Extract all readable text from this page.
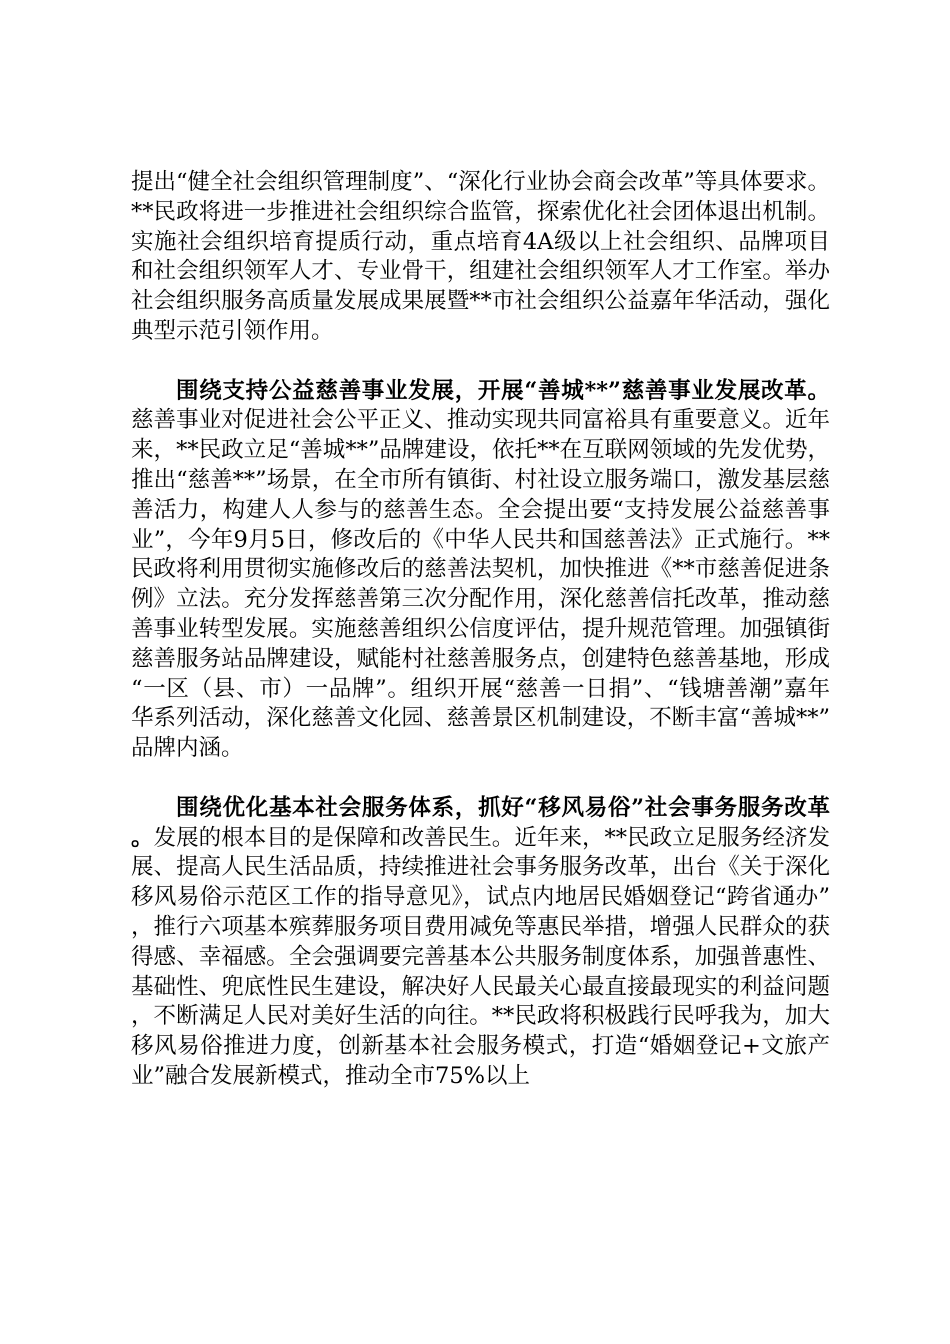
提出“健全社会组织管理制度”、“深化行业协会商会改革”等具体要求。**民政将进一步推进社会组织综合监管，探索优化社会团体退出机制。实施社会组织培育提质行动，重点培育4A级以上社会组织、品牌项目和社会组织领军人才、专业骨干，组建社会组织领军人才工作室。举办社会组织服务高质量发展成果展暨**市社会组织公益嘉年华活动，强化典型示范引领作用。

围绕支持公益慈善事业发展，开展“善城**”慈善事业发展改革。慈善事业对促进社会公平正义、推动实现共同富裕具有重要意义。近年来，**民政立足“善城**”品牌建设，依托**在互联网领域的先发优势，推出“慈善**”场景，在全市所有镇街、村社设立服务端口，激发基层慈善活力，构建人人参与的慈善生态。全会提出要“支持发展公益慈善事业”，今年9月5日，修改后的《中华人民共和国慈善法》正式施行。**民政将利用贯彻实施修改后的慈善法契机，加快推进《**市慈善促进条例》立法。充分发挥慈善第三次分配作用，深化慈善信托改革，推动慈善事业转型发展。实施慈善组织公信度评估，提升规范管理。加强镇街慈善服务站品牌建设，赋能村社慈善服务点，创建特色慈善基地，形成“一区（县、市）一品牌”。组织开展“慈善一日捐”、“钱塘善潮”嘉年华系列活动，深化慈善文化园、慈善景区机制建设，不断丰富“善城**”品牌内涵。

围绕优化基本社会服务体系，抓好“移风易俗”社会事务服务改革。发展的根本目的是保障和改善民生。近年来，**民政立足服务经济发展、提高人民生活品质，持续推进社会事务服务改革，出台《关于深化移风易俗示范区工作的指导意见》，试点内地居民婚姻登记“跨省通办”，推行六项基本殡葬服务项目费用减免等惠民举措，增强人民群众的获得感、幸福感。全会强调要完善基本公共服务制度体系，加强普惠性、基础性、兜底性民生建设，解决好人民最关心最直接最现实的利益问题，不断满足人民对美好生活的向往。**民政将积极践行民呼我为，加大移风易俗推进力度，创新基本社会服务模式，打造“婚姻登记+文旅产业”融合发展新模式，推动全市75%以上
